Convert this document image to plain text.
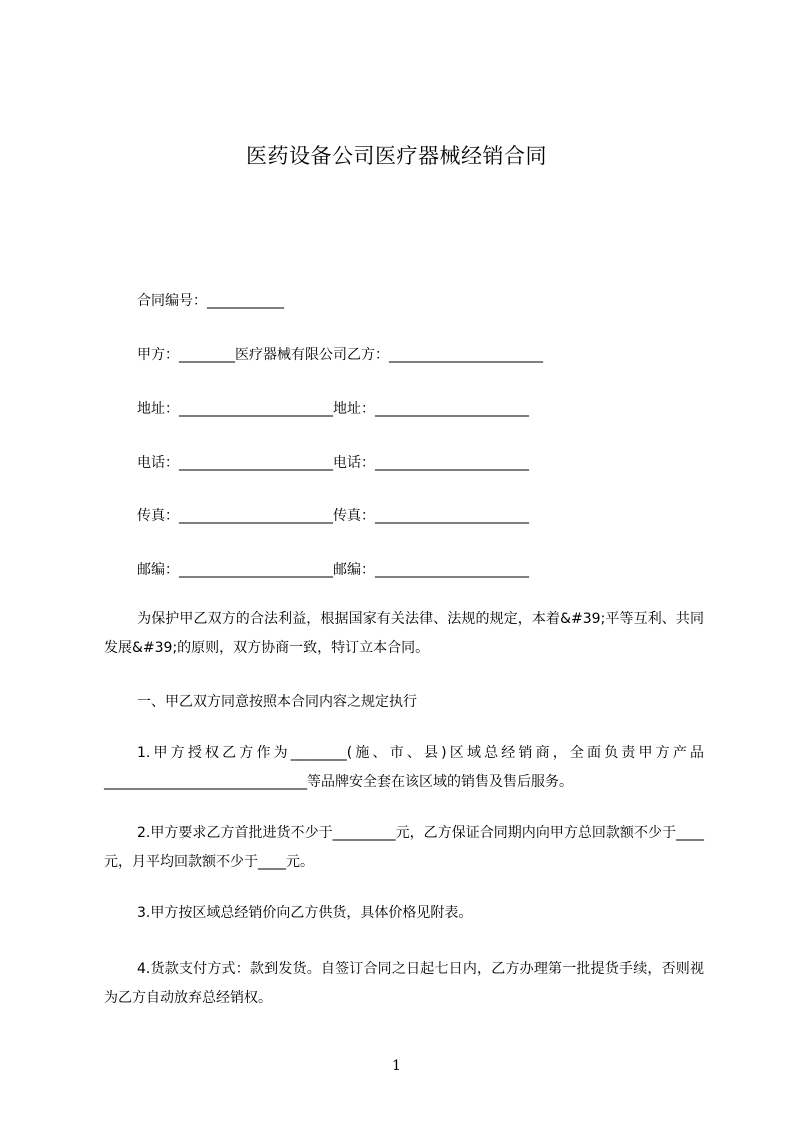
医药设备公司医疗器械经销合同
合同编号：___________
甲方：________医疗器械有限公司乙方：______________________
地址：______________________地址：______________________
电话：______________________电话：______________________
传真：______________________传真：______________________
邮编：______________________邮编：______________________
为保护甲乙双方的合法利益，根据国家有关法律、法规的规定，本着&#39;平等互利、共同发展&#39;的原则，双方协商一致，特订立本合同。
一、甲乙双方同意按照本合同内容之规定执行
1.甲方授权乙方作为________(施、市、县)区域总经销商，全面负责甲方产品_____________________________等品牌安全套在该区域的销售及售后服务。
2.甲方要求乙方首批进货不少于_________元，乙方保证合同期内向甲方总回款额不少于____元，月平均回款额不少于____元。
3.甲方按区域总经销价向乙方供货，具体价格见附表。
4.货款支付方式：款到发货。自签订合同之日起七日内，乙方办理第一批提货手续，否则视为乙方自动放弃总经销权。
1
